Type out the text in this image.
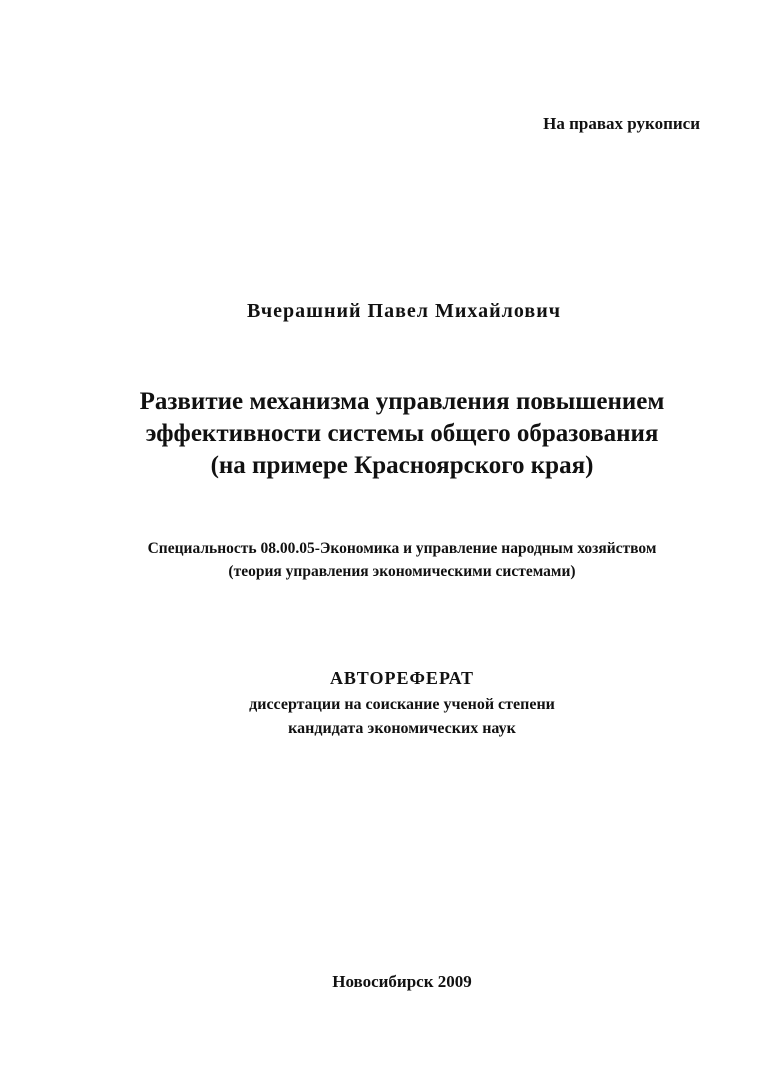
На правах рукописи
Вчерашний Павел Михайлович
Развитие механизма управления повышением
эффективности системы общего образования
(на примере Красноярского края)
Специальность 08.00.05-Экономика и управление народным хозяйством
(теория управления экономическими системами)
АВТОРЕФЕРАТ
диссертации на соискание ученой степени
кандидата экономических наук
Новосибирск 2009
